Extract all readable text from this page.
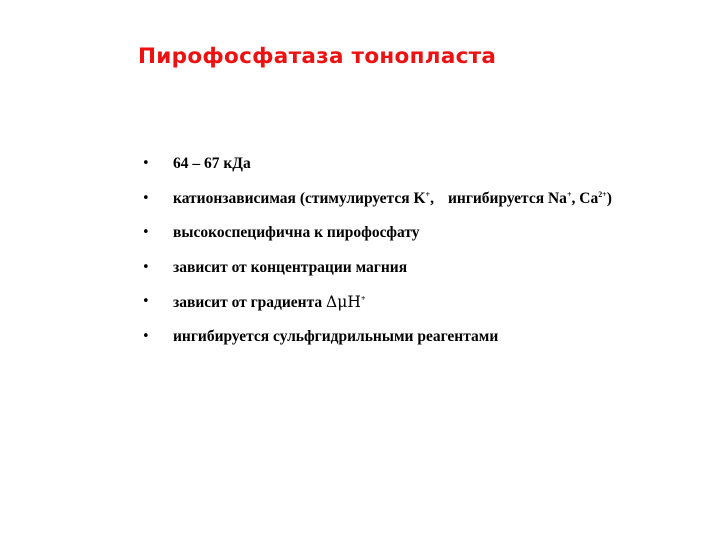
Пирофосфатаза тонопласта
• 64 – 67 кДа
• катионзависимая (стимулируется K+, ингибируется Na+, $Ca^{2+}$)
• высокоспецифична к пирофосфату
• зависит от концентрации магния
• зависит от градиента ΔμH+
• ингибируется сульфгидрильными реагентами
